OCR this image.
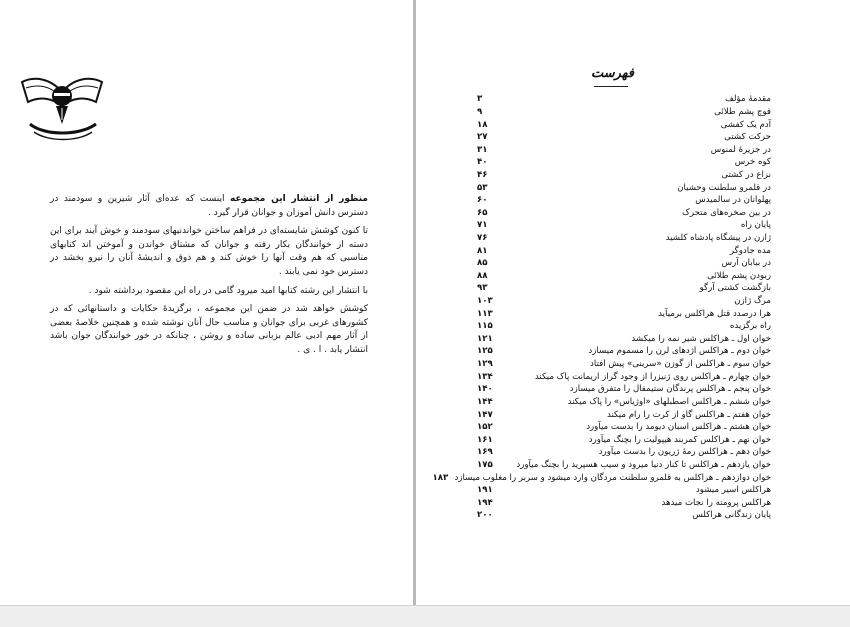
منظور از انتشار این مجموعه اینست که عده‌ای آثار شیرین و سودمند در دسترس دانش آموزان و جوانان قرار گیرد .

تا کنون کوشش شایسته‌ای در فراهم ساختن خواندنیهای سودمند و خوش آیند برای این دسته از خوانندگان بکار رفته و جوانان که مشتاق خواندن و آموختن اند کتابهای مناسبی که هم وقت آنها را خوش کند و هم ذوق و اندیشهٔ آنان را نیرو بخشد در دسترس خود نمی یابند .

با انتشار این رشته کتابها امید میرود گامی در راه این مقصود برداشته شود .

کوشش خواهد شد در ضمن این مجموعه ، برگزیدهٔ حکایات و داستانهائی که در کشورهای غربی برای جوانان و مناسب حال آنان نوشته شده و همچنین خلاصهٔ بعضی از آثار مهم ادبی عالم بزبانی ساده و روشن ، چنانکه در خور خوانندگان جوان باشد انتشار یابد . ا . ی .

فهرست
مقدمهٔ مؤلف
۳
قوچ پشم طلائی
۹
آدم یک کفشی
۱۸
حرکت کشتی
۲۷
در جزیرهٔ لمنوس
۳۱
کوه خرس
۴۰
نزاع در کشتی
۴۶
در قلمرو سلطنت وحشیان
۵۳
پهلوانان در سالمیدس
۶۰
در بین صخره‌های متحرک
۶۵
پایان راه
۷۱
ژازن در پیشگاه پادشاه کلشید
۷۶
مده جادوگر
۸۱
در بیابان آرس
۸۵
ربودن پشم طلائی
۸۸
بازگشت کشتی آرگو
۹۳
مرگ ژازن
۱۰۳
هرا درصدد قتل هراکلس برمیآید
۱۱۳
راه برگزیده
۱۱۵
خوان اول ـ هراکلس شیر نمه را میکشد
۱۲۱
خوان دوم ـ هراکلس اژدهای لرن را مسموم میسازد
۱۲۵
خوان سوم ـ هراکلس از گوزن «سرینی» پیش افتاد
۱۲۹
خوان چهارم ـ هراکلس روی ژنیزرا از وجود گراز اریمانت پاک میکند
۱۳۴
خوان پنجم ـ هراکلس پرندگان ستیمفال را متفرق میسازد
۱۴۰
خوان ششم ـ هراکلس اصطبلهای «اوژیاس» را پاک میکند
۱۴۴
خوان هفتم ـ هراکلس گاو از کرت را رام میکند
۱۴۷
خوان هشتم ـ هراکلس اسبان دیومد را بدست میآورد
۱۵۲
خوان نهم ـ هراکلس کمربند هیپولیت را بچنگ میآورد
۱۶۱
خوان دهم ـ هراکلس رمهٔ ژریون را بدست میآورد
۱۶۹
خوان یازدهم ـ هراکلس تا کنار دنیا میرود و سیب هسپرید را بچنگ میآورد
۱۷۵
خوان دوازدهم ـ هراکلس به قلمرو سلطنت مردگان وارد میشود و سربر را مغلوب میسازد
۱۸۳
هراکلس اسیر میشود
۱۹۱
هراکلس پرومته را نجات میدهد
۱۹۴
پایان زندگانی هراکلس
۲۰۰
